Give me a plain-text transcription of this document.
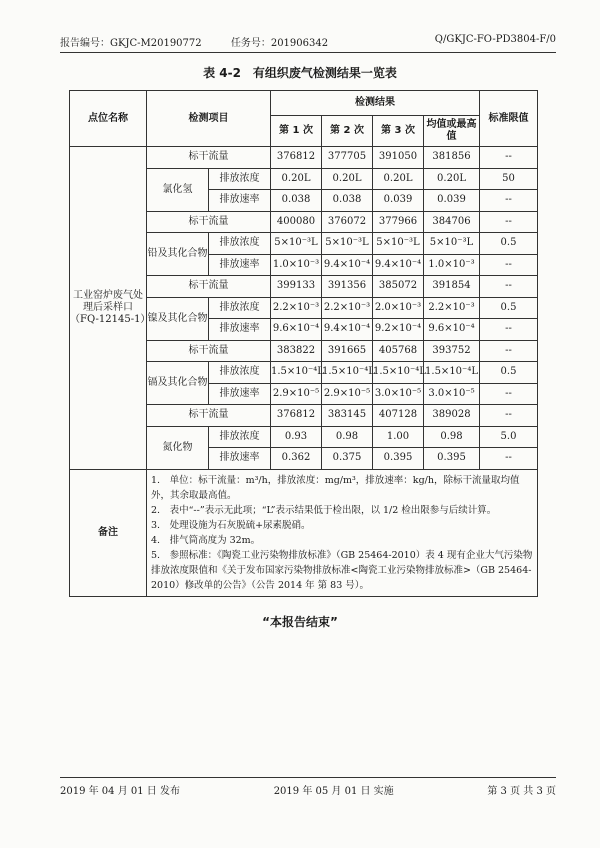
报告编号：GKJC-M20190772	任务号：201906342	Q/GKJC-FO-PD3804-F/0
表 4-2　有组织废气检测结果一览表
点位名称	检测项目		检测结果				标准限值
			第 1 次	第 2 次	第 3 次	均值或最高值	
工业窑炉废气处理后采样口（FQ-12145-1）	标干流量		376812	377705	391050	381856	--
	氯化氢	排放浓度	0.20L	0.20L	0.20L	0.20L	50
		排放速率	0.038	0.038	0.039	0.039	--
	标干流量		400080	376072	377966	384706	--
	铅及其化合物	排放浓度	5×10⁻³L	5×10⁻³L	5×10⁻³L	5×10⁻³L	0.5
		排放速率	1.0×10⁻³	9.4×10⁻⁴	9.4×10⁻⁴	1.0×10⁻³	--
	标干流量		399133	391356	385072	391854	--
	镍及其化合物	排放浓度	2.2×10⁻³	2.2×10⁻³	2.0×10⁻³	2.2×10⁻³	0.5
		排放速率	9.6×10⁻⁴	9.4×10⁻⁴	9.2×10⁻⁴	9.6×10⁻⁴	--
	标干流量		383822	391665	405768	393752	--
	镉及其化合物	排放浓度	1.5×10⁻⁴L	1.5×10⁻⁴L	1.5×10⁻⁴L	1.5×10⁻⁴L	0.5
		排放速率	2.9×10⁻⁵	2.9×10⁻⁵	3.0×10⁻⁵	3.0×10⁻⁵	--
	标干流量		376812	383145	407128	389028	--
	氮化物	排放浓度	0.93	0.98	1.00	0.98	5.0
		排放速率	0.362	0.375	0.395	0.395	--
备注	1.　单位：标干流量：m³/h，排放浓度：mg/m³，排放速率：kg/h，除标干流量取均值外，其余取最高值。

2.　表中“--”表示无此项；“L”表示结果低于检出限，以 1/2 检出限参与后续计算。

3.　处理设施为石灰脱硫+尿素脱硝。

4.　排气筒高度为 32m。

5.　参照标准：《陶瓷工业污染物排放标准》（GB 25464-2010）表 4 现有企业大气污染物排放浓度限值和《关于发布国家污染物排放标准<陶瓷工业污染物排放标准>（GB 25464-2010）修改单的公告》（公告 2014 年 第 83 号）。						

“本报告结束”
2019 年 04 月 01 日 发布	2019 年 05 月 01 日 实施	第 3 页 共 3 页
